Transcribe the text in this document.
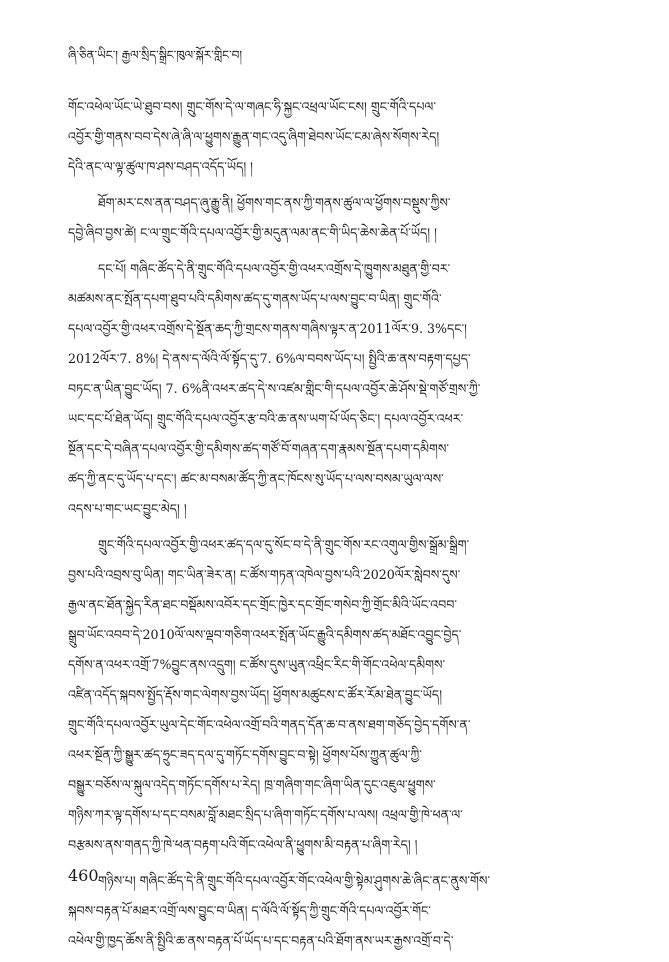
ཞི་ཅིན་ཡིང་། རྒྱལ་སྲིད་སྒྲིང་ཁུལ་སྐོར་གླིང་བ།

གོང་འཕེལ་ཡོང་ཡེ་ཐུབ་བས། གྲུང་གོས་དེ་ལ་གཞང་ཧི་སྐྱང་འཕྲལ་ཡོང་ངས། གྲུང་གོའི་དཔལ་
འབྱོར་གྱི་གནས་བབ་དེས་ཞེ་ཞི་ལ་ཕྱུགས་རྒྱུན་གང་འདུ་ཞིག་ཐེབས་ཡོང་ངམ་ཞེས་སོགས་རེད།
དེའི་ནང་ལ་ལྟ་ཚུལ་ཁ་ཤས་བཤད་འདོད་ཡོད། །

ཐོག་མར་ངས་ནན་བཤད་ཞུ་རྒྱུ་ནི། ཕྱོགས་གང་ནས་ཀྱི་གནས་ཚུལ་ལ་ཕྱོགས་བསྡུས་ཀྱིས་
དབྱེ་ཞིབ་བྱས་ཚེ། ང་ལ་གྲུང་གོའི་དཔལ་འབྱོར་གྱི་མདུན་ལམ་ནང་གི་ཡིད་ཆེས་ཆེན་པོ་ཡོད། །

དང་པོ། གཞིང་ཚོད་དེ་ནི་གྲུང་གོའི་དཔལ་འབྱོར་གྱི་འཕར་འགྲོས་དེ་ཁྱུགས་མཐུན་གྱི་བར་
མཚམས་ནང་སྤོན་དཔག་ཐུབ་པའི་དམིགས་ཚད་དུ་གནས་ཡོད་པ་ལས་བྱུང་བ་ཡིན། གྲུང་གོའི་
དཔལ་འབྱོར་གྱི་འཕར་འགྲོས་དེ་སྔོན་ཆད་ཀྱི་གྲངས་གནས་གཞིས་ལྟར་ན་2011ལོར་9. 3%དང་།
2012ལོར་7. 8%། དེ་ནས་ད་ལོའི་ལོ་སྟོད་དུ་7. 6%ལ་བབས་ཡོད་པ། སྤྱིའི་ཆ་ནས་བརྟག་དཔྱད་
བཏང་ན་ཡིན་བྱུང་ཡོད། 7. 6%ནི་འཕར་ཚད་དེ་ས་འཛམ་གླིང་གི་དཔལ་འབྱོར་ཆེ་ཤོས་སྡེ་གཙོ་གྲས་ཀྱི་
ཡང་དང་པོ་ཐེན་ཡོད། གྲུང་གོའི་དཔལ་འབྱོར་རྩ་བའི་ཆ་ནས་ཡག་པོ་ཡོད་ཅིང་། དཔལ་འབྱོར་འཕར་
སྔོན་དང་དེ་བཞིན་དཔལ་འབྱོར་གྱི་དམིགས་ཚད་གཙོ་བོ་གཞན་དག་རྣམས་སྔོན་དཔག་དམིགས་
ཚད་ཀྱི་ནང་དུ་ཡོད་པ་དང་། ཚང་མ་བསམ་ཚོད་ཀྱི་ནང་ཁོངས་སུ་ཡོད་པ་ལས་བསམ་ཡུལ་ལས་
འདས་པ་གང་ཡང་བྱུང་མེད། །

གྲུང་གོའི་དཔལ་འབྱོར་གྱི་འཕར་ཚད་དལ་དུ་སོང་བ་དེ་ནི་གྲུང་གོས་རང་འགུལ་གྱིས་སྒྲོམ་སྒྲིག་
བྱས་པའི་འབྲས་བུ་ཡིན། གང་ཡིན་ཟེར་ན། ང་ཚོས་གཏན་འཁེལ་བྱས་པའི་2020ལོར་སླེབས་དུས་
རྒྱལ་ནང་ཐོན་སྐྱེད་རིན་ཐང་བསྡོམས་འབོར་དང་གྲོང་ཁྱེར་དང་གྲོང་གསེབ་ཀྱི་གྲོང་མིའི་ཡོང་འབབ་
སྒྲུབ་ཡོང་འབབ་དེ་2010ལོ་ལས་ལྡབ་གཅིག་འཕར་སྤོན་ཡོང་རྒྱུའི་དམིགས་ཚད་མཐོང་འབྱུང་བྱེད་
དགོས་ན་འཕར་འགྲོ་7%བྱུང་ནས་འདྲུག། ང་ཚོས་དུས་ཡུན་འཕྲིང་རིང་གི་གོང་འཕེལ་དམིགས་
འཛིན་འདོད་སྐབས་སྤྱོད་རྡོས་གང་ལེགས་བྱས་ཡོད། ཕྱོགས་མཚུངས་ང་ཚོར་རོམ་ཐེན་བྱུང་ཡོད།
གྲུང་གོའི་དཔལ་འབྱོར་ཡུལ་དེང་གོང་འཕེལ་འགྲོ་བའི་གནད་དོན་ཆ་བ་ནས་ཐག་གཅོད་བྱེད་དགོས་ན་
འཕར་སྔོན་ཀྱི་སྒྱུར་ཚད་ཧྲུང་ཟད་དལ་དུ་གཏོང་དགོས་བྱུང་བ་སྟེ། ཕྱོགས་པོས་ཀྱུན་ཚུལ་ཀྱི་
བསྒྱུར་བཅོས་ལ་སྐུལ་འདེད་གཏོང་དགོས་པ་རེད། ཁྲ་གཞིག་གང་ཞིག་ཡིན་དུང་འཇུལ་ཕྱུགས་
གཉིས་ཀར་ལྟ་དགོས་པ་དང་བསམ་བློ་མཐང་སྲིད་པ་ཞིག་གཏོང་དགོས་པ་ལས། འཕྲལ་གྱི་ཁེ་ཕན་ལ་
བརྩམས་ནས་གནད་ཀྱི་ཁེ་ཕན་བརྟག་པའི་གོང་འཕེལ་ནི་ཕྱུགས་མི་བརྟན་པ་ཞིག་རེད། །

གཉིས་པ། གཞིང་ཚོད་དེ་ནི་གྲུང་གོའི་དཔལ་འབྱོར་གོང་འཕེལ་གྱི་སྟེམ་ཤུགས་ཆེ་ཞིང་ནང་ནུས་གོས་
སྐབས་བརྟན་པོ་མཐར་འགྲོ་ལས་བྱུང་བ་ཡིན། ད་ལོའི་ལོ་སྟོད་ཀྱི་གྲུང་གོའི་དཔལ་འབྱོར་གོང་
འཕེལ་གྱི་ཁྱད་ཆོས་ནི་སྤྱིའི་ཆ་ནས་བརྟན་པོ་ཡོད་པ་དང་བརྟན་པའི་ཐོག་ནས་ཡར་རྒྱས་འགྲོ་བ་དེ་

460
